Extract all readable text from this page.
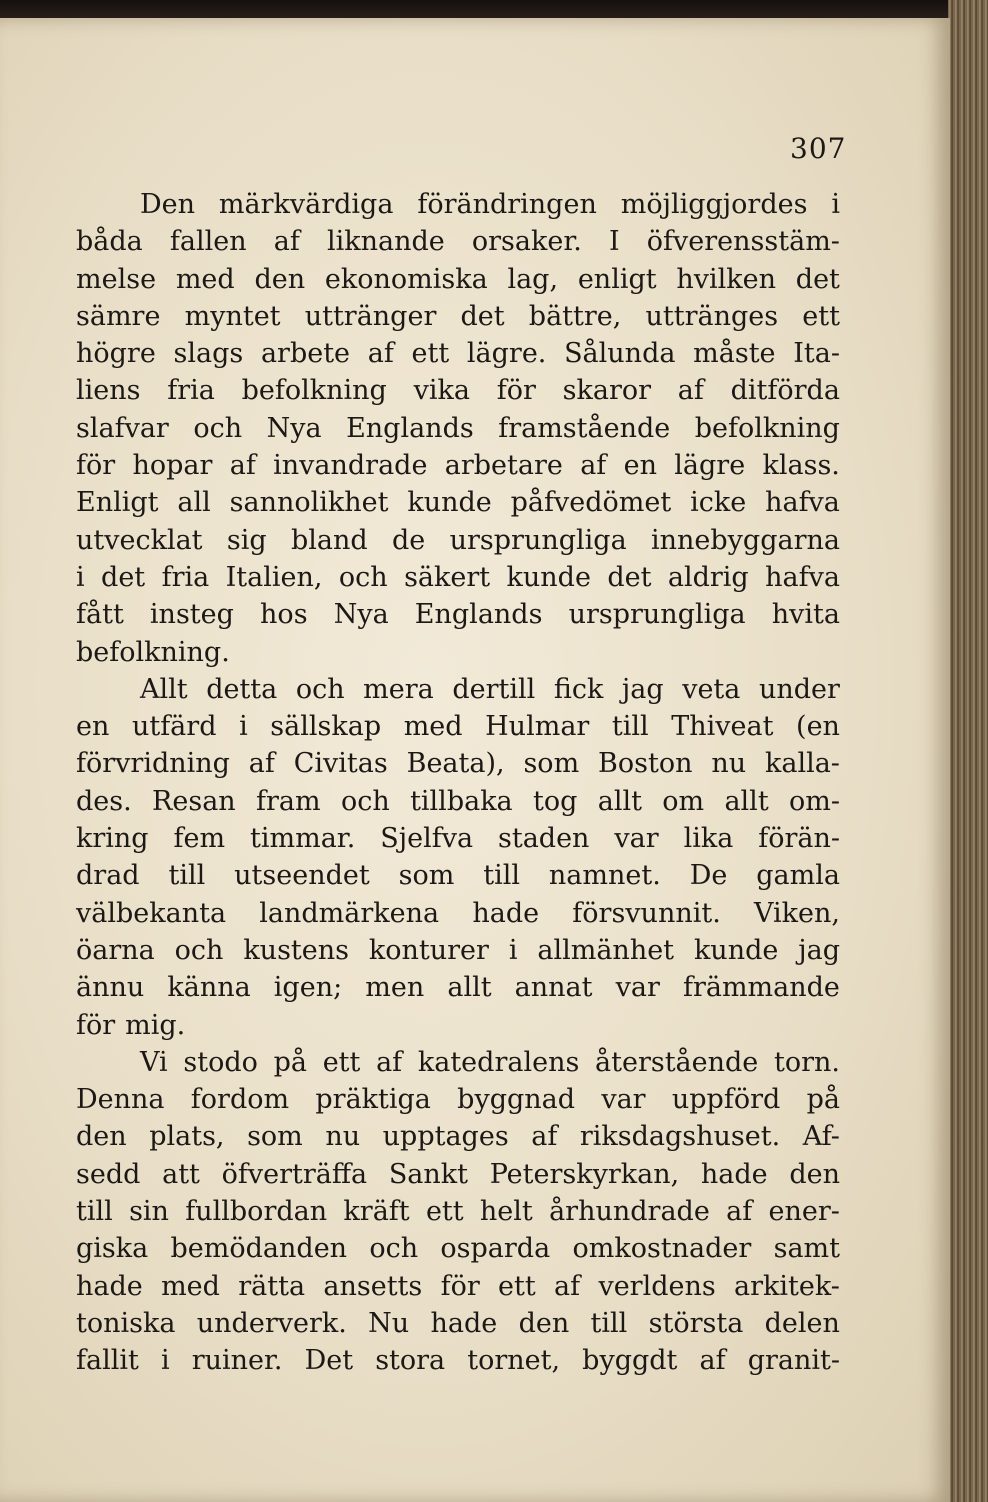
307
Den märkvärdiga förändringen möjliggjordes i
båda fallen af liknande orsaker. I öfverensstäm-
melse med den ekonomiska lag, enligt hvilken det
sämre myntet uttränger det bättre, uttränges ett
högre slags arbete af ett lägre. Sålunda måste Ita-
liens fria befolkning vika för skaror af ditförda
slafvar och Nya Englands framstående befolkning
för hopar af invandrade arbetare af en lägre klass.
Enligt all sannolikhet kunde påfvedömet icke hafva
utvecklat sig bland de ursprungliga innebyggarna
i det fria Italien, och säkert kunde det aldrig hafva
fått insteg hos Nya Englands ursprungliga hvita
befolkning.
Allt detta och mera dertill fick jag veta under
en utfärd i sällskap med Hulmar till Thiveat (en
förvridning af Civitas Beata), som Boston nu kalla-
des. Resan fram och tillbaka tog allt om allt om-
kring fem timmar. Sjelfva staden var lika förän-
drad till utseendet som till namnet. De gamla
välbekanta landmärkena hade försvunnit. Viken,
öarna och kustens konturer i allmänhet kunde jag
ännu känna igen; men allt annat var främmande
för mig.
Vi stodo på ett af katedralens återstående torn.
Denna fordom präktiga byggnad var uppförd på
den plats, som nu upptages af riksdagshuset. Af-
sedd att öfverträffa Sankt Peterskyrkan, hade den
till sin fullbordan kräft ett helt århundrade af ener-
giska bemödanden och osparda omkostnader samt
hade med rätta ansetts för ett af verldens arkitek-
toniska underverk. Nu hade den till största delen
fallit i ruiner. Det stora tornet, byggdt af granit-
